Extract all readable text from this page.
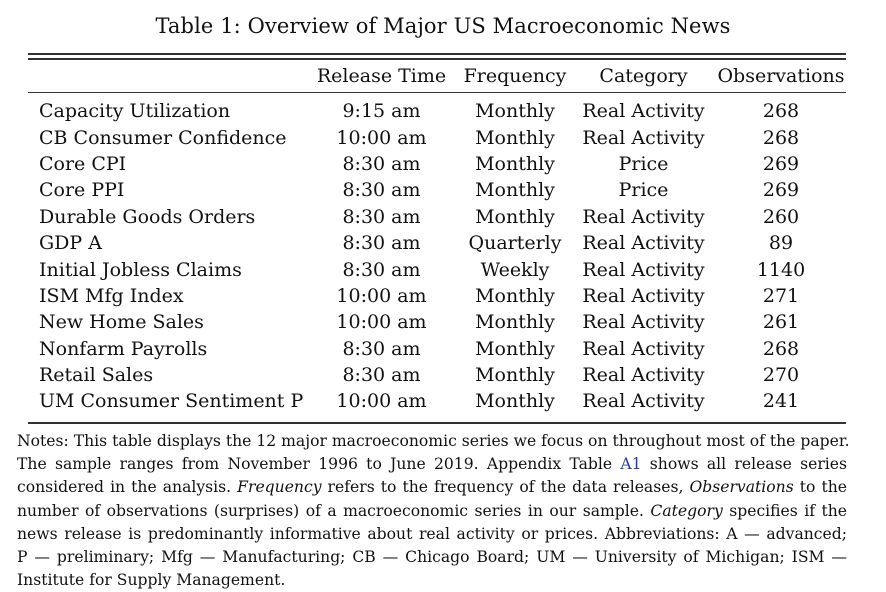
Table 1: Overview of Major US Macroeconomic News
	Release Time	Frequency	Category	Observations
Capacity Utilization	9:15 am	Monthly	Real Activity	268
CB Consumer Confidence	10:00 am	Monthly	Real Activity	268
Core CPI	8:30 am	Monthly	Price	269
Core PPI	8:30 am	Monthly	Price	269
Durable Goods Orders	8:30 am	Monthly	Real Activity	260
GDP A	8:30 am	Quarterly	Real Activity	89
Initial Jobless Claims	8:30 am	Weekly	Real Activity	1140
ISM Mfg Index	10:00 am	Monthly	Real Activity	271
New Home Sales	10:00 am	Monthly	Real Activity	261
Nonfarm Payrolls	8:30 am	Monthly	Real Activity	268
Retail Sales	8:30 am	Monthly	Real Activity	270
UM Consumer Sentiment P	10:00 am	Monthly	Real Activity	241
Notes: This table displays the 12 major macroeconomic series we focus on throughout most of the paper.
The sample ranges from November 1996 to June 2019. Appendix Table A1 shows all release series
considered in the analysis. Frequency refers to the frequency of the data releases, Observations to the
number of observations (surprises) of a macroeconomic series in our sample. Category specifies if the
news release is predominantly informative about real activity or prices. Abbreviations: A — advanced;
P — preliminary; Mfg — Manufacturing; CB — Chicago Board; UM — University of Michigan; ISM —
Institute for Supply Management.
